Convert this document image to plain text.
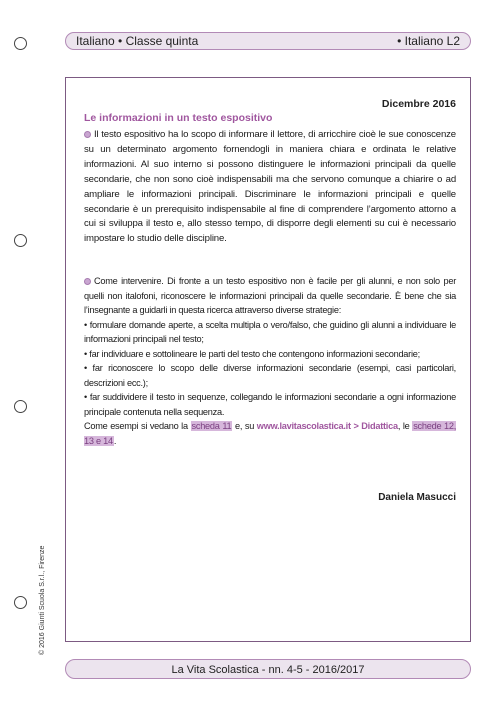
Italiano • Classe quinta	• Italiano L2
Dicembre 2016
Le informazioni in un testo espositivo
Il testo espositivo ha lo scopo di informare il lettore, di arricchire cioè le sue conoscenze su un determinato argomento fornendogli in maniera chiara e ordinata le relative informazioni. Al suo interno si possono distinguere le informazioni principali da quelle secondarie, che non sono cioè indispensabili ma che servono comunque a chiarire o ad ampliare le informazioni principali. Discriminare le informazioni principali e quelle secondarie è un prerequisito indispensabile al fine di comprendere l’argomento attorno a cui si sviluppa il testo e, allo stesso tempo, di disporre degli elementi su cui è necessario impostare lo studio delle discipline.
Come intervenire. Di fronte a un testo espositivo non è facile per gli alunni, e non solo per quelli non italofoni, riconoscere le informazioni principali da quelle secondarie. È bene che sia l’insegnante a guidarli in questa ricerca attraverso diverse strategie:
• formulare domande aperte, a scelta multipla o vero/falso, che guidino gli alunni a individuare le informazioni principali nel testo;
• far individuare e sottolineare le parti del testo che contengono informazioni secondarie;
• far riconoscere lo scopo delle diverse informazioni secondarie (esempi, casi particolari, descrizioni ecc.);
• far suddividere il testo in sequenze, collegando le informazioni secondarie a ogni informazione principale contenuta nella sequenza.
Come esempi si vedano la scheda 11 e, su www.lavitascolastica.it > Didattica, le schede 12, 13 e 14.
Daniela Masucci
© 2016 Giunti Scuola S.r.l., Firenze
La Vita Scolastica - nn. 4-5 - 2016/2017
